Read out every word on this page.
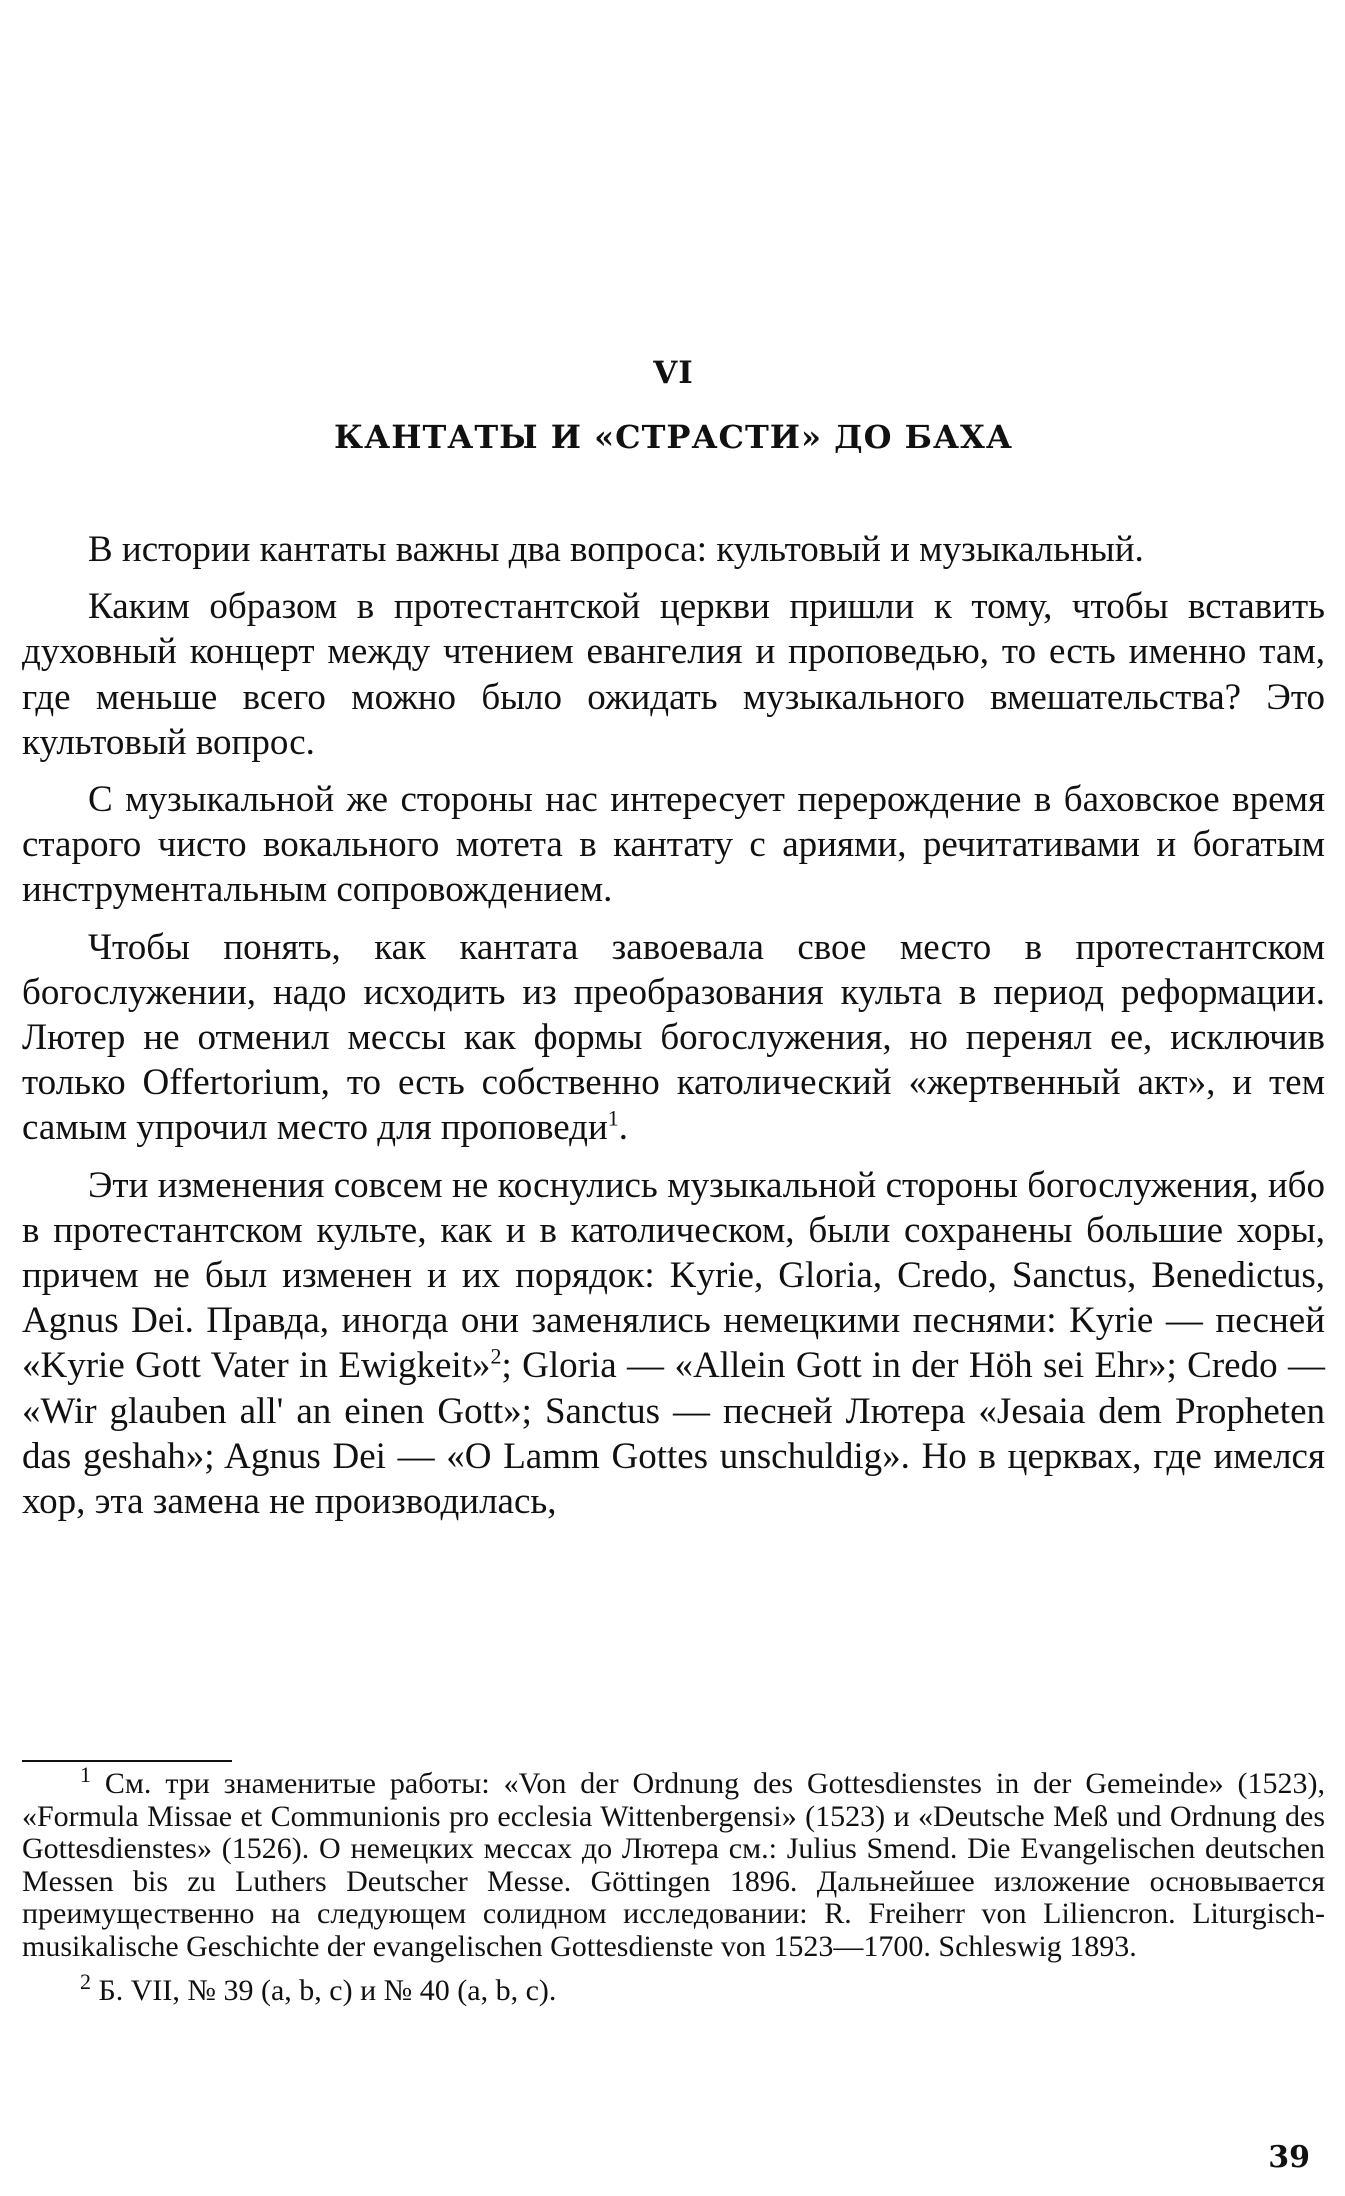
VI
КАНТАТЫ И «СТРАСТИ» ДО БАХА

В истории кантаты важны два вопроса: культовый и музыкальный.

Каким образом в протестантской церкви пришли к тому, чтобы вставить духовный концерт между чтением евангелия и проповедью, то есть именно там, где меньше всего можно было ожидать музыкального вмешательства? Это культовый вопрос.

С музыкальной же стороны нас интересует перерождение в баховское время старого чисто вокального мотета в кантату с ариями, речитативами и богатым инструментальным сопровождением.

Чтобы понять, как кантата завоевала свое место в протестантском богослужении, надо исходить из преобразования культа в период реформации. Лютер не отменил мессы как формы богослужения, но перенял ее, исключив только Offertorium, то есть собственно католический «жертвенный акт», и тем самым упрочил место для проповеди$^1$.

Эти изменения совсем не коснулись музыкальной стороны богослужения, ибо в протестантском культе, как и в католическом, были сохранены большие хоры, причем не был изменен и их порядок: Kyrie, Gloria, Credo, Sanctus, Benedictus, Agnus Dei. Правда, иногда они заменялись немецкими песнями: Kyrie — песней «Kyrie Gott Vater in Ewigkeit»$^2$; Gloria — «Allein Gott in der Höh sei Ehr»; Credo — «Wir glauben all' an einen Gott»; Sanctus — песней Лютера «Jesaia dem Propheten das geshah»; Agnus Dei — «O Lamm Gottes unschuldig». Но в церквах, где имелся хор, эта замена не производилась,

$^1$ См. три знаменитые работы: «Von der Ordnung des Gottesdienstes in der Gemeinde» (1523), «Formula Missae et Communionis pro ecclesia Wittenbergensi» (1523) и «Deutsche Meß und Ordnung des Gottesdienstes» (1526). О немецких мессах до Лютера см.: Julius Smend. Die Evangelischen deutschen Messen bis zu Luthers Deutscher Messe. Göttingen 1896. Дальнейшее изложение основывается преимущественно на следующем солидном исследовании: R. Freiherr von Liliencron. Liturgisch-musikalische Geschichte der evangelischen Gottesdienste von 1523—1700. Schleswig 1893.

$^2$ Б. VII, № 39 (a, b, c) и № 40 (a, b, c).

39
